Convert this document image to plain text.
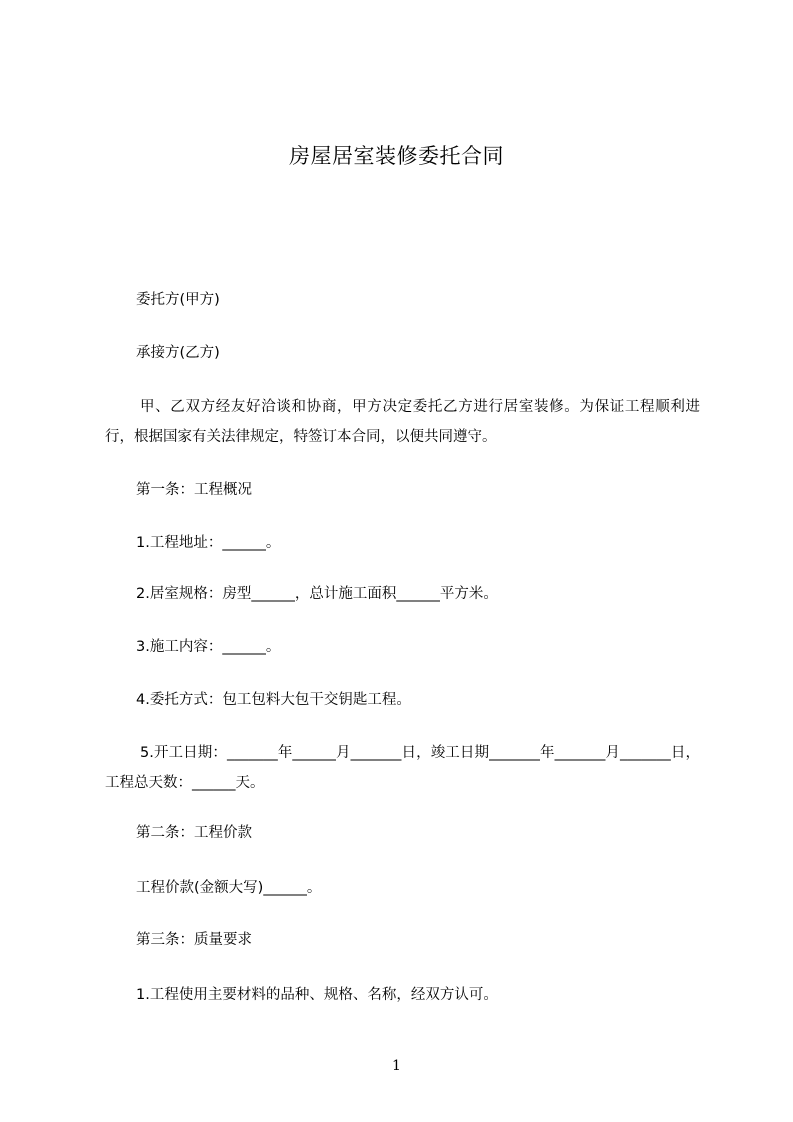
房屋居室装修委托合同
委托方(甲方)
承接方(乙方)
甲、乙双方经友好洽谈和协商，甲方决定委托乙方进行居室装修。为保证工程顺利进行，根据国家有关法律规定，特签订本合同，以便共同遵守。
第一条：工程概况
1.工程地址：______。
2.居室规格：房型______，总计施工面积______平方米。
3.施工内容：______。
4.委托方式：包工包料大包干交钥匙工程。
5.开工日期：_______年______月_______日，竣工日期_______年_______月_______日，工程总天数：______天。
第二条：工程价款
工程价款(金额大写)______。
第三条：质量要求
1.工程使用主要材料的品种、规格、名称，经双方认可。
1
